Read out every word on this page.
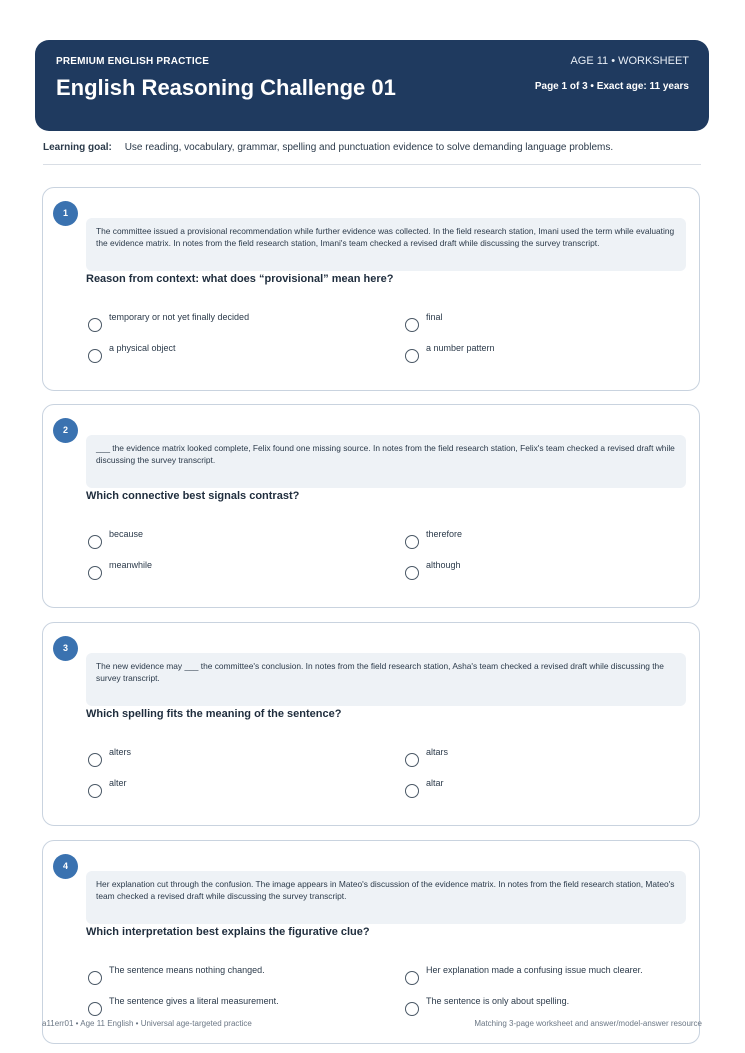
PREMIUM ENGLISH PRACTICE
English Reasoning Challenge 01
AGE 11 • WORKSHEET
Page 1 of 3 • Exact age: 11 years
Learning goal: Use reading, vocabulary, grammar, spelling and punctuation evidence to solve demanding language problems.
1
The committee issued a provisional recommendation while further evidence was collected. In the field research station, Imani used the term while evaluating the evidence matrix. In notes from the field research station, Imani's team checked a revised draft while discussing the survey transcript.
Reason from context: what does “provisional” mean here?
temporary or not yet finally decided	final
a physical object	a number pattern
2
___ the evidence matrix looked complete, Felix found one missing source. In notes from the field research station, Felix's team checked a revised draft while discussing the survey transcript.
Which connective best signals contrast?
because	therefore
meanwhile	although
3
The new evidence may ___ the committee's conclusion. In notes from the field research station, Asha's team checked a revised draft while discussing the survey transcript.
Which spelling fits the meaning of the sentence?
alters	altars
alter	altar
4
Her explanation cut through the confusion. The image appears in Mateo's discussion of the evidence matrix. In notes from the field research station, Mateo's team checked a revised draft while discussing the survey transcript.
Which interpretation best explains the figurative clue?
The sentence means nothing changed.	Her explanation made a confusing issue much clearer.
The sentence gives a literal measurement.	The sentence is only about spelling.
a11err01 • Age 11 English • Universal age-targeted practice	Matching 3-page worksheet and answer/model-answer resource
